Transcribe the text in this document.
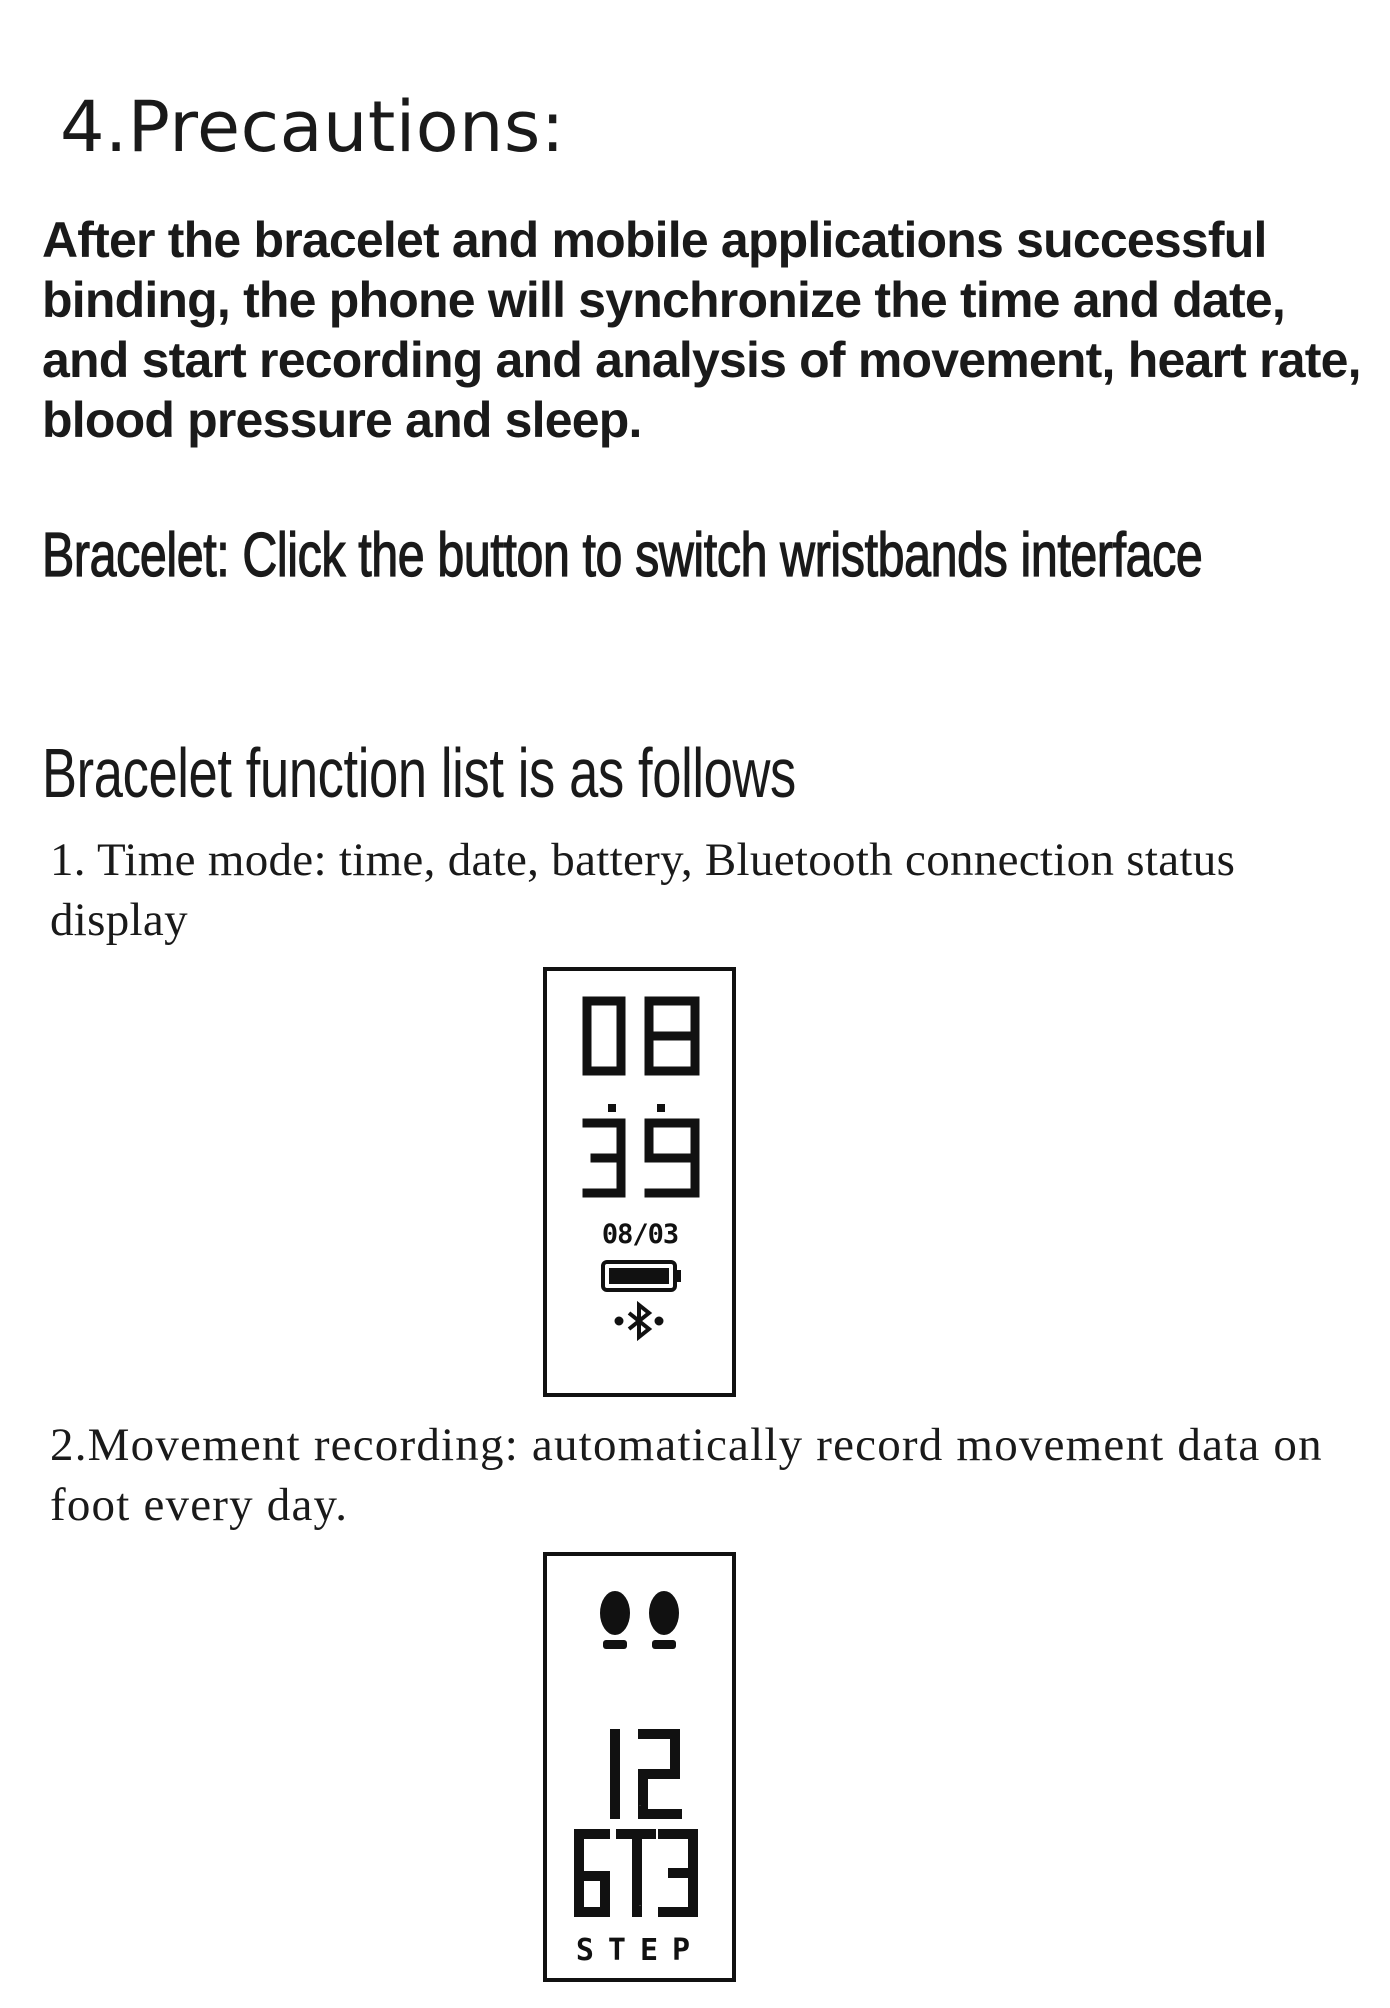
4.Precautions:

After the bracelet and mobile applications successful binding, the phone will synchronize the time and date, and start recording and analysis of movement, heart rate, blood pressure and sleep.

Bracelet: Click the button to switch wristbands interface

Bracelet function list is as follows

1. Time mode: time, date, battery, Bluetooth connection status display

08
39
08/03

2.Movement recording: automatically record movement data on foot every day.

12
673
STEP
